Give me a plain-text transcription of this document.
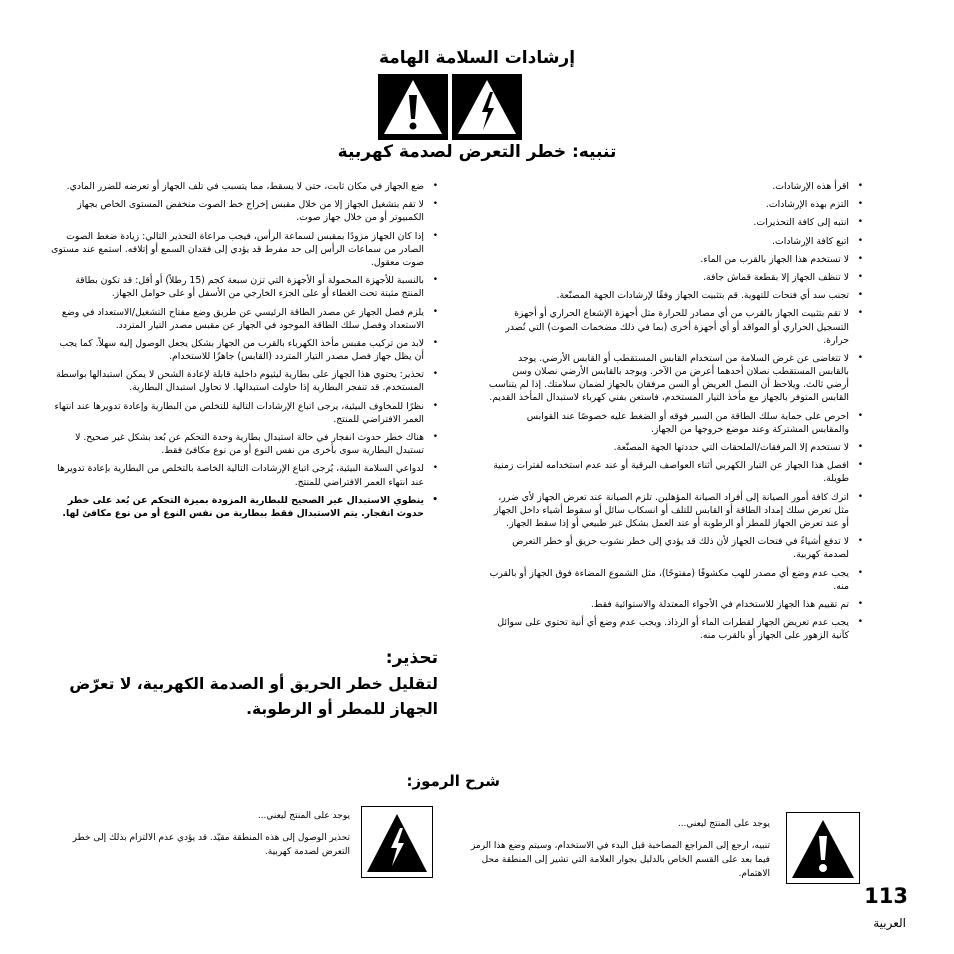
إرشادات السلامة الهامة
تنبيه: خطر التعرض لصدمة كهربية
• اقرأ هذه الإرشادات.
• التزم بهذه الإرشادات.
• انتبه إلى كافة التحذيرات.
• اتبع كافة الإرشادات.
• لا تستخدم هذا الجهاز بالقرب من الماء.
• لا تنظف الجهاز إلا بقطعة قماش جافة.
• تجنب سد أي فتحات للتهوية. قم بتثبيت الجهاز وفقًا لإرشادات الجهة المصنّعة.
• لا تقم بتثبيت الجهاز بالقرب من أي مصادر للحرارة مثل أجهزة الإشعاع الحراري أو أجهزة التسجيل الحراري أو المواقد أو أي أجهزة أخرى (بما في ذلك مضخمات الصوت) التي تُصدر حرارة.
• لا تتغاضى عن غرض السلامة من استخدام القابس المستقطب أو القابس الأرضي. يوجد بالقابس المستقطب نصلان أحدهما أعرض من الآخر. ويوجد بالقابس الأرضي نصلان وسن أرضي ثالث. ويلاحظ أن النصل العريض أو السن مرفقان بالجهاز لضمان سلامتك. إذا لم يتناسب القابس المتوفر بالجهاز مع مأخذ التيار المستخدم، فاستعن بفني كهرباء لاستبدال المأخذ القديم.
• احرص على حماية سلك الطاقة من السير فوقه أو الضغط عليه خصوصًا عند القوابس والمقابس المشتركة وعند موضع خروجها من الجهاز.
• لا تستخدم إلا المرفقات/الملحقات التي حددتها الجهة المصنّعة.
• افصل هذا الجهاز عن التيار الكهربي أثناء العواصف البرقية أو عند عدم استخدامه لفترات زمنية طويلة.
• اترك كافة أمور الصيانة إلى أفراد الصيانة المؤهلين. تلزم الصيانة عند تعرض الجهاز لأي ضرر، مثل تعرض سلك إمداد الطاقة أو القابس للتلف أو انسكاب سائل أو سقوط أشياء داخل الجهاز أو عند تعرض الجهاز للمطر أو الرطوبة أو عند العمل بشكل غير طبيعي أو إذا سقط الجهاز.
• لا تدفع أشياءً في فتحات الجهاز لأن ذلك قد يؤدي إلى خطر نشوب حريق أو خطر التعرض لصدمة كهربية.
• يجب عدم وضع أي مصدر للهب مكشوفًا (مفتوحًا)، مثل الشموع المضاءة فوق الجهاز أو بالقرب منه.
• تم تقييم هذا الجهاز للاستخدام في الأجواء المعتدلة والاستوائية فقط.
• يجب عدم تعريض الجهاز لقطرات الماء أو الرذاذ. ويجب عدم وضع أي أنية تحتوي على سوائل كآنية الزهور على الجهاز أو بالقرب منه.
• ضع الجهاز في مكان ثابت، حتى لا يسقط، مما يتسبب في تلف الجهاز أو تعرضه للضرر المادي.
• لا تقم بتشغيل الجهاز إلا من خلال مقبس إخراج خط الصوت منخفض المستوى الخاص بجهاز الكمبيوتر أو من خلال جهاز صوت.
• إذا كان الجهاز مزودًا بمقبس لسماعة الرأس، فيجب مراعاة التحذير التالي: زيادة ضغط الصوت الصادر من سماعات الرأس إلى حد مفرط قد يؤدي إلى فقدان السمع أو إتلافه. استمع عند مستوى صوت معقول.
• بالنسبة للأجهزة المحمولة أو الأجهزة التي تزن سبعة كجم (15 رطلاً) أو أقل: قد تكون بطاقة المنتج مثبتة تحت الغطاء أو على الجزء الخارجي من الأسفل أو على حوامل الجهاز.
• يلزم فصل الجهاز عن مصدر الطاقة الرئيسي عن طريق وضع مفتاح التشغيل/الاستعداد في وضع الاستعداد وفصل سلك الطاقة الموجود في الجهاز عن مقبس مصدر التيار المتردد.
• لابد من تركيب مقبس مأخذ الكهرباء بالقرب من الجهاز بشكل يجعل الوصول إليه سهلاً. كما يجب أن يظل جهاز فصل مصدر التيار المتردد (القابس) جاهزًا للاستخدام.
• تحذير: يحتوي هذا الجهاز على بطارية ليثيوم داخلية قابلة لإعادة الشحن لا يمكن استبدالها بواسطة المستخدم. قد تنفجر البطارية إذا حاولت استبدالها. لا تحاول استبدال البطارية.
• نظرًا للمخاوف البيئية، يرجى اتباع الإرشادات التالية للتخلص من البطارية وإعادة تدويرها عند انتهاء العمر الافتراضي للمنتج.
• هناك خطر حدوث انفجار في حالة استبدال بطارية وحدة التحكم عن بُعد بشكل غير صحيح. لا تستبدل البطارية سوى بأخرى من نفس النوع أو من نوع مكافئ فقط.
• لدواعي السلامة البيئية، يُرجى اتباع الإرشادات التالية الخاصة بالتخلص من البطارية بإعادة تدويرها عند انتهاء العمر الافتراضي للمنتج.
• ينطوي الاستبدال غير الصحيح للبطارية المزودة بميزة التحكم عن بُعد على خطر حدوث انفجار. يتم الاستبدال فقط ببطارية من نفس النوع أو من نوع مكافئ لها.
تحذير:
لتقليل خطر الحريق أو الصدمة الكهربية، لا تعرّض الجهاز للمطر أو الرطوبة.
شرح الرموز:
يوجد على المنتج ليعني...
تنبيه، ارجع إلى المراجع المصاحبة قبل البدء في الاستخدام، وسيتم وضع هذا الرمز فيما بعد على القسم الخاص بالدليل بجوار العلامة التي تشير إلى المنطقة محل الاهتمام.
يوجد على المنتج ليعني...
تحذير الوصول إلى هذه المنطقة مقيّد. قد يؤدي عدم الالتزام بذلك إلى خطر التعرض لصدمة كهربية.
113
العربية
